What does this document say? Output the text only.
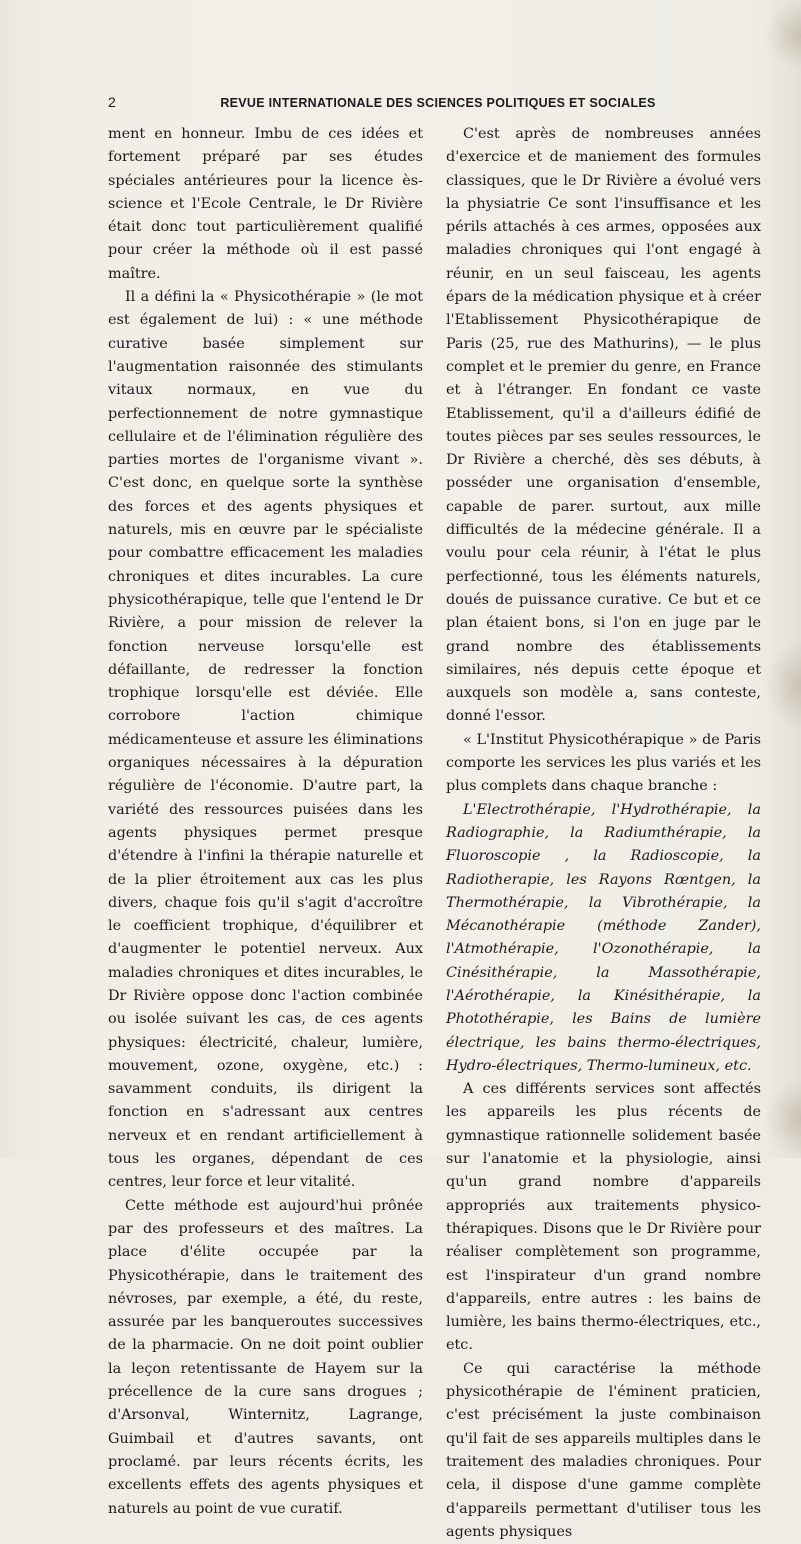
2	REVUE INTERNATIONALE DES SCIENCES POLITIQUES ET SOCIALES

ment en honneur. Imbu de ces idées et fortement préparé par ses études spéciales antérieures pour la licence ès-science et l'Ecole Centrale, le Dr Rivière était donc tout particulièrement qualifié pour créer la méthode où il est passé maître.

Il a défini la « Physicothérapie » (le mot est également de lui) : « une méthode curative basée simplement sur l'augmentation raisonnée des stimulants vitaux normaux, en vue du perfectionnement de notre gymnastique cellulaire et de l'élimination régulière des parties mortes de l'organisme vivant ». C'est donc, en quelque sorte la synthèse des forces et des agents physiques et naturels, mis en œuvre par le spécialiste pour combattre efficacement les maladies chroniques et dites incurables. La cure physicothérapique, telle que l'entend le Dr Rivière, a pour mission de relever la fonction nerveuse lorsqu'elle est défaillante, de redresser la fonction trophique lorsqu'elle est déviée. Elle corrobore l'action chimique médicamenteuse et assure les éliminations organiques nécessaires à la dépuration régulière de l'économie. D'autre part, la variété des ressources puisées dans les agents physiques permet presque d'étendre à l'infini la thérapie naturelle et de la plier étroitement aux cas les plus divers, chaque fois qu'il s'agit d'accroître le coefficient trophique, d'équilibrer et d'augmenter le potentiel nerveux. Aux maladies chroniques et dites incurables, le Dr Rivière oppose donc l'action combinée ou isolée suivant les cas, de ces agents physiques: électricité, chaleur, lumière, mouvement, ozone, oxygène, etc.) : savamment conduits, ils dirigent la fonction en s'adressant aux centres nerveux et en rendant artificiellement à tous les organes, dépendant de ces centres, leur force et leur vitalité.

Cette méthode est aujourd'hui prônée par des professeurs et des maîtres. La place d'élite occupée par la Physicothérapie, dans le traitement des névroses, par exemple, a été, du reste, assurée par les banqueroutes successives de la pharmacie. On ne doit point oublier la leçon retentissante de Hayem sur la précellence de la cure sans drogues ; d'Arsonval, Winternitz, Lagrange, Guimbail et d'autres savants, ont proclamé. par leurs récents écrits, les excellents effets des agents physiques et naturels au point de vue curatif.

C'est après de nombreuses années d'exercice et de maniement des formules classiques, que le Dr Rivière a évolué vers la physiatrie Ce sont l'insuffisance et les périls attachés à ces armes, opposées aux maladies chroniques qui l'ont engagé à réunir, en un seul faisceau, les agents épars de la médication physique et à créer l'Etablissement Physicothérapique de Paris (25, rue des Mathurins), — le plus complet et le premier du genre, en France et à l'étranger. En fondant ce vaste Etablissement, qu'il a d'ailleurs édifié de toutes pièces par ses seules ressources, le Dr Rivière a cherché, dès ses débuts, à posséder une organisation d'ensemble, capable de parer. surtout, aux mille difficultés de la médecine générale. Il a voulu pour cela réunir, à l'état le plus perfectionné, tous les éléments naturels, doués de puissance curative. Ce but et ce plan étaient bons, si l'on en juge par le grand nombre des établissements similaires, nés depuis cette époque et auxquels son modèle a, sans conteste, donné l'essor.

« L'Institut Physicothérapique » de Paris comporte les services les plus variés et les plus complets dans chaque branche :

L'Electrothérapie, l'Hydrothérapie, la Radiographie, la Radiumthérapie, la Fluoroscopie , la Radioscopie, la Radiotherapie, les Rayons Rœntgen, la Thermothérapie, la Vibrothérapie, la Mécanothérapie (méthode Zander), l'Atmothérapie, l'Ozonothérapie, la Cinésithérapie, la Massothérapie, l'Aérothérapie, la Kinésithérapie, la Photothérapie, les Bains de lumière électrique, les bains thermo-électriques, Hydro-électriques, Thermo-lumineux, etc.

A ces différents services sont affectés les appareils les plus récents de gymnastique rationnelle solidement basée sur l'anatomie et la physiologie, ainsi qu'un grand nombre d'appareils appropriés aux traitements physico-thérapiques. Disons que le Dr Rivière pour réaliser complètement son programme, est l'inspirateur d'un grand nombre d'appareils, entre autres : les bains de lumière, les bains thermo-électriques, etc., etc.

Ce qui caractérise la méthode physicothérapie de l'éminent praticien, c'est précisément la juste combinaison qu'il fait de ses appareils multiples dans le traitement des maladies chroniques. Pour cela, il dispose d'une gamme complète d'appareils permettant d'utiliser tous les agents physiques
